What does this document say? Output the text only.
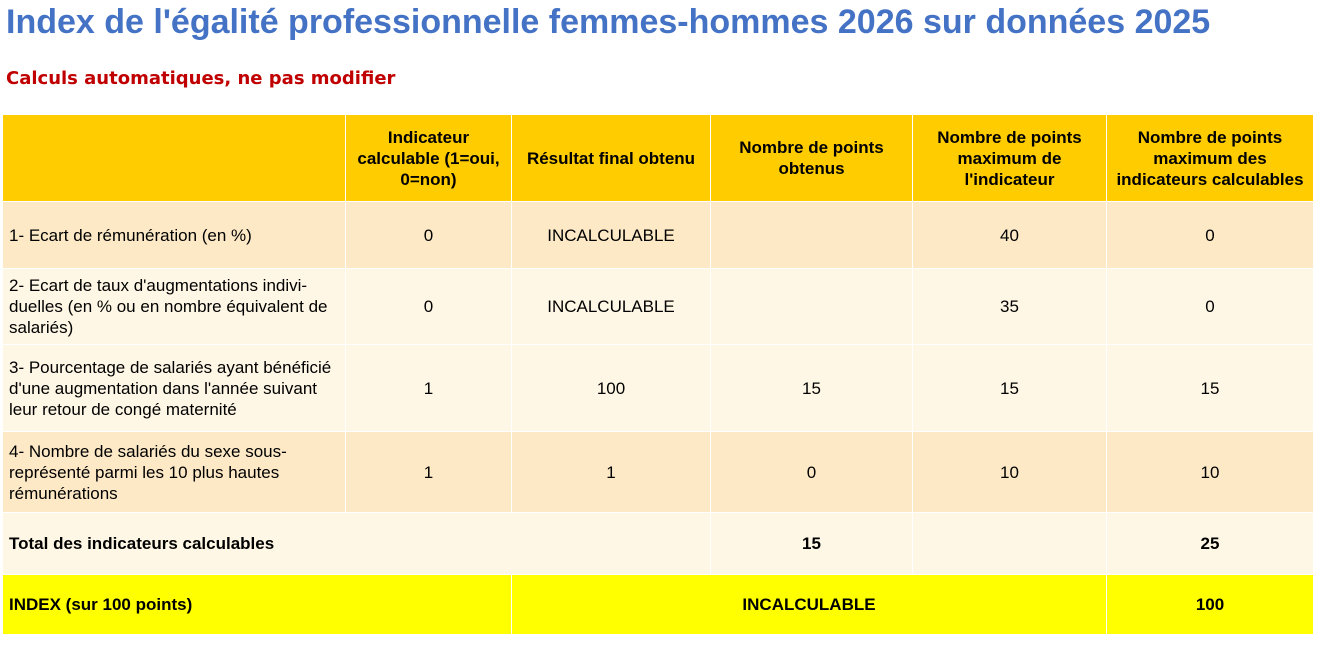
Index de l'égalité professionnelle femmes-hommes 2026 sur données 2025

Calculs automatiques, ne pas modifier

	Indicateur calculable (1=oui, 0=non)	Résultat final obtenu	Nombre de points obtenus	Nombre de points maximum de l'indicateur	Nombre de points maximum des indicateurs calculables
1- Ecart de rémunération (en %)	0	INCALCULABLE		40	0
2- Ecart de taux d'augmentations indivi-duelles (en % ou en nombre équivalent de salariés)	0	INCALCULABLE		35	0
3- Pourcentage de salariés ayant bénéficié d'une augmentation dans l'année suivant leur retour de congé maternité	1	100	15	15	15
4- Nombre de salariés du sexe sous-représenté parmi les 10 plus hautes rémunérations	1	1	0	10	10
Total des indicateurs calculables			15		25
INDEX (sur 100 points)		INCALCULABLE			100
